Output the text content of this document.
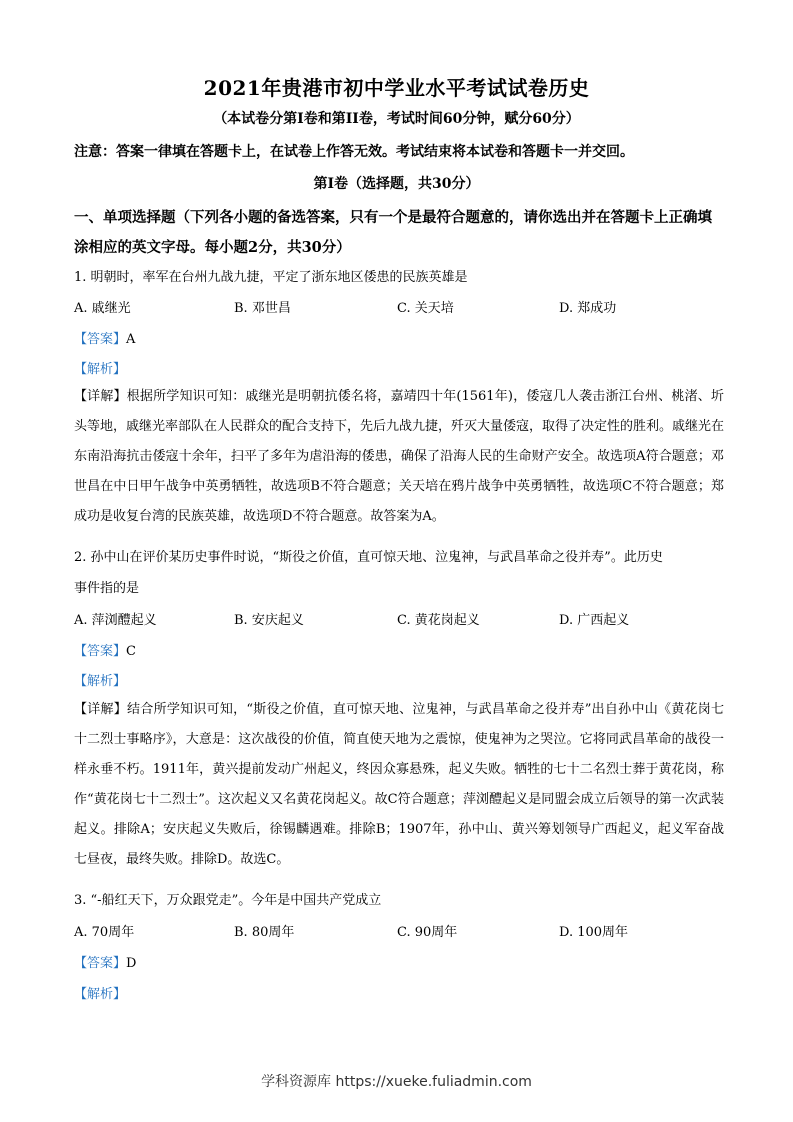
2021年贵港市初中学业水平考试试卷历史
（本试卷分第Ⅰ卷和第II卷，考试时间60分钟，赋分60分）
注意：答案一律填在答题卡上，在试卷上作答无效。考试结束将本试卷和答题卡一并交回。
第Ⅰ卷（选择题，共30分）
一、单项选择题（下列各小题的备选答案，只有一个是最符合题意的，请你选出并在答题卡上正确填涂相应的英文字母。每小题2分，共30分）
1. 明朝时，率军在台州九战九捷，平定了浙东地区倭患的民族英雄是
A. 戚继光	B. 邓世昌	C. 关天培	D. 郑成功
【答案】A
【解析】
【详解】根据所学知识可知：戚继光是明朝抗倭名将，嘉靖四十年(1561年)，倭寇几人袭击浙江台州、桃渚、圻头等地，戚继光率部队在人民群众的配合支持下，先后九战九捷，歼灭大量倭寇，取得了决定性的胜利。戚继光在东南沿海抗击倭寇十余年，扫平了多年为虐沿海的倭患，确保了沿海人民的生命财产安全。故选项A符合题意；邓世昌在中日甲午战争中英勇牺牲，故选项B不符合题意；关天培在鸦片战争中英勇牺牲，故选项C不符合题意；郑成功是收复台湾的民族英雄，故选项D不符合题意。故答案为A。
2. 孙中山在评价某历史事件时说，“斯役之价值，直可惊天地、泣鬼神，与武昌革命之役并寿”。此历史
事件指的是
A. 萍浏醴起义	B. 安庆起义	C. 黄花岗起义	D. 广西起义
【答案】C
【解析】
【详解】结合所学知识可知，“斯役之价值，直可惊天地、泣鬼神，与武昌革命之役并寿”出自孙中山《黄花岗七十二烈士事略序》，大意是：这次战役的价值，简直使天地为之震惊，使鬼神为之哭泣。它将同武昌革命的战役一样永垂不朽。1911年，黄兴提前发动广州起义，终因众寡悬殊，起义失败。牺牲的七十二名烈士葬于黄花岗，称作“黄花岗七十二烈士”。这次起义又名黄花岗起义。故C符合题意；萍浏醴起义是同盟会成立后领导的第一次武装起义。排除A；安庆起义失败后，徐锡麟遇难。排除B；1907年，孙中山、黄兴筹划领导广西起义，起义军奋战七昼夜，最终失败。排除D。故选C。
3. “-船红天下，万众跟党走”。今年是中国共产党成立
A. 70周年	B. 80周年	C. 90周年	D. 100周年
【答案】D
【解析】
学科资源库 https://xueke.fuliadmin.com
